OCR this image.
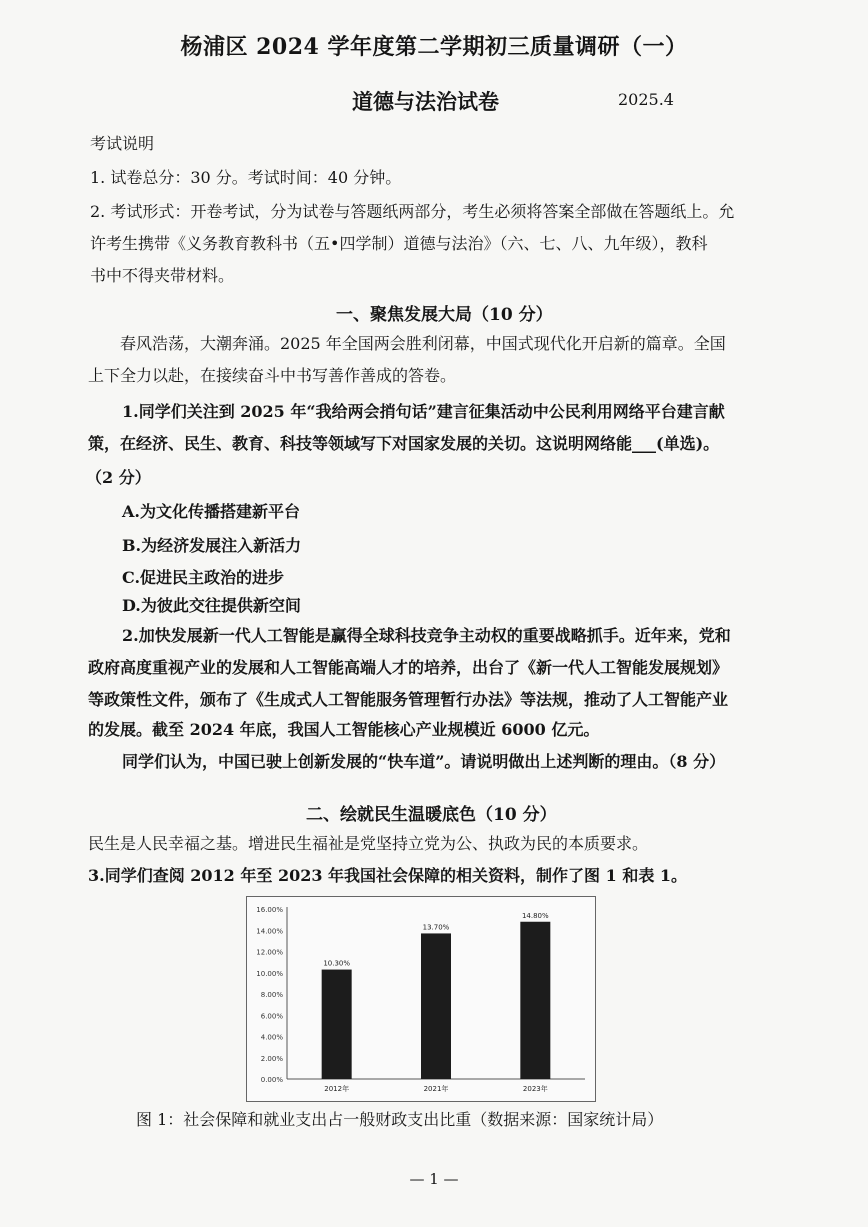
杨浦区 2024 学年度第二学期初三质量调研（一）
道德与法治试卷	2025.4
考试说明
1. 试卷总分：30 分。考试时间：40 分钟。
2. 考试形式：开卷考试，分为试卷与答题纸两部分，考生必须将答案全部做在答题纸上。允
许考生携带《义务教育教科书（五•四学制）道德与法治》（六、七、八、九年级），教科
书中不得夹带材料。
一、聚焦发展大局（10 分）
春风浩荡，大潮奔涌。2025 年全国两会胜利闭幕，中国式现代化开启新的篇章。全国
上下全力以赴，在接续奋斗中书写善作善成的答卷。
1.同学们关注到 2025 年“我给两会捎句话”建言征集活动中公民利用网络平台建言献
策，在经济、民生、教育、科技等领域写下对国家发展的关切。这说明网络能___(单选)。
（2 分）
A.为文化传播搭建新平台
B.为经济发展注入新活力
C.促进民主政治的进步
D.为彼此交往提供新空间
2.加快发展新一代人工智能是赢得全球科技竞争主动权的重要战略抓手。近年来，党和
政府高度重视产业的发展和人工智能高端人才的培养，出台了《新一代人工智能发展规划》
等政策性文件，颁布了《生成式人工智能服务管理暂行办法》等法规，推动了人工智能产业
的发展。截至 2024 年底，我国人工智能核心产业规模近 6000 亿元。
同学们认为，中国已驶上创新发展的“快车道”。请说明做出上述判断的理由。（8 分）
二、绘就民生温暖底色（10 分）
民生是人民幸福之基。增进民生福祉是党坚持立党为公、执政为民的本质要求。
3.同学们查阅 2012 年至 2023 年我国社会保障的相关资料，制作了图 1 和表 1。
0.00%
2.00%
4.00%
6.00%
8.00%
10.00%
12.00%
14.00%
16.00%
10.30%
2012年
13.70%
2021年
14.80%
2023年
图 1：社会保障和就业支出占一般财政支出比重（数据来源：国家统计局）
— 1 —
